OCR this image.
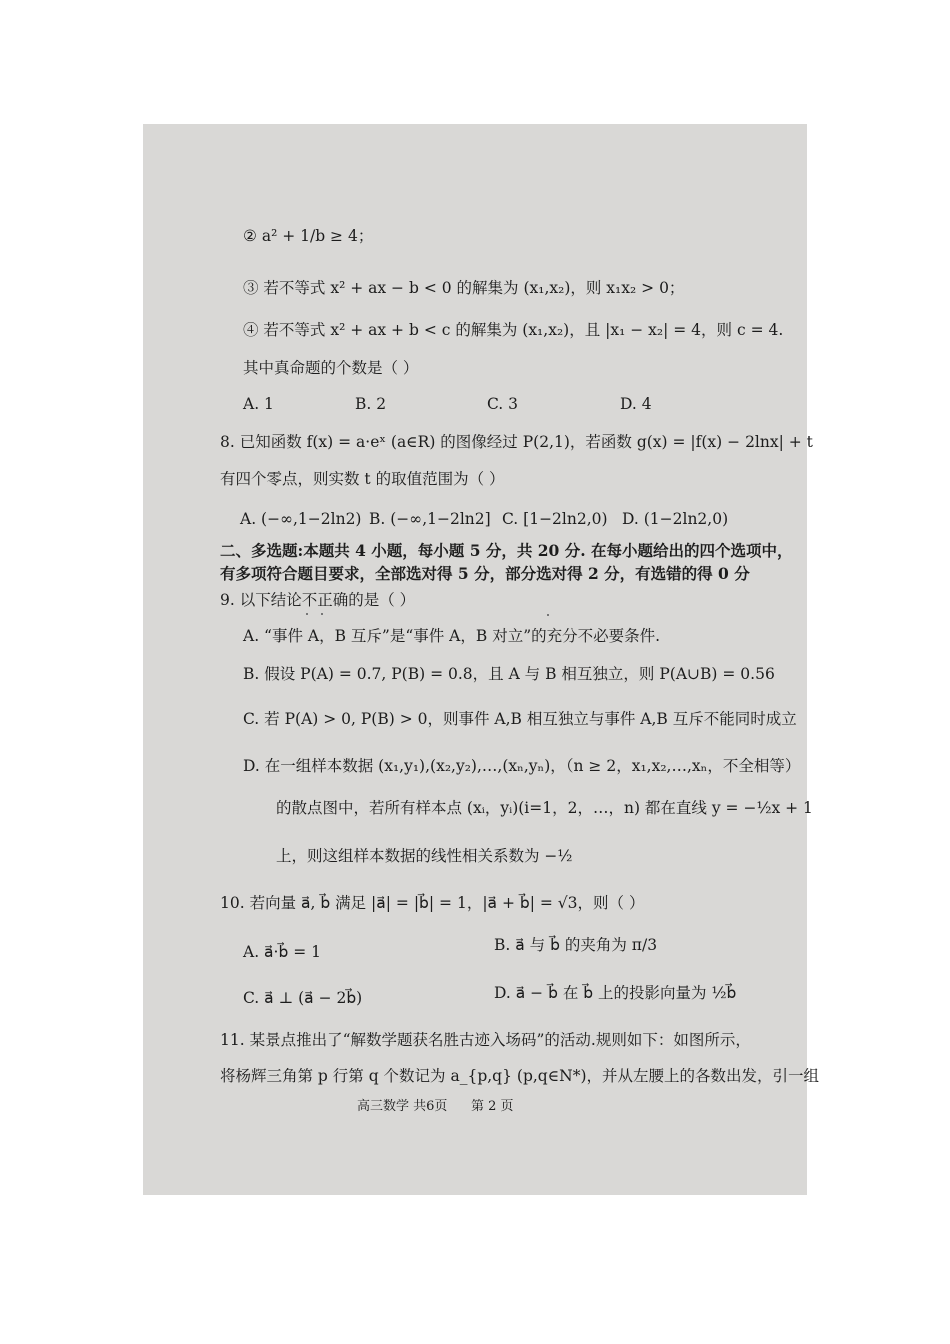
② a² + 1/b ≥ 4；
③ 若不等式 x² + ax − b < 0 的解集为 (x₁,x₂)，则 x₁x₂ > 0；
④ 若不等式 x² + ax + b < c 的解集为 (x₁,x₂)，且 |x₁ − x₂| = 4，则 c = 4.
其中真命题的个数是（ ）
A. 1	B. 2	C. 3	D. 4
8. 已知函数 f(x) = a·eˣ (a∈R) 的图像经过 P(2,1)，若函数 g(x) = |f(x) − 2lnx| + t
有四个零点，则实数 t 的取值范围为（ ）
A. (−∞,1−2ln2) B. (−∞,1−2ln2] C. [1−2ln2,0) D. (1−2ln2,0)
二、多选题:本题共 4 小题，每小题 5 分，共 20 分. 在每小题给出的四个选项中，
有多项符合题目要求，全部选对得 5 分，部分选对得 2 分，有选错的得 0 分
9. 以下结论不正确的是（ ）
A. “事件 A，B 互斥”是“事件 A，B 对立”的充分不必要条件.
B. 假设 P(A) = 0.7, P(B) = 0.8，且 A 与 B 相互独立，则 P(A∪B) = 0.56
C. 若 P(A) > 0, P(B) > 0，则事件 A,B 相互独立与事件 A,B 互斥不能同时成立
D. 在一组样本数据 (x₁,y₁),(x₂,y₂),…,(xₙ,yₙ)，（n ≥ 2，x₁,x₂,…,xₙ，不全相等）
的散点图中，若所有样本点 (xᵢ，yᵢ)(i=1，2，…，n) 都在直线 y = −½x + 1
上，则这组样本数据的线性相关系数为 −½
10. 若向量 a⃗, b⃗ 满足 |a⃗| = |b⃗| = 1，|a⃗ + b⃗| = √3，则（ ）
A. a⃗·b⃗ = 1	B. a⃗ 与 b⃗ 的夹角为 π/3
C. a⃗ ⊥ (a⃗ − 2b⃗)	D. a⃗ − b⃗ 在 b⃗ 上的投影向量为 ½b⃗
11. 某景点推出了“解数学题获名胜古迹入场码”的活动.规则如下：如图所示，
将杨辉三角第 p 行第 q 个数记为 a_{p,q} (p,q∈N*)，并从左腰上的各数出发，引一组
高三数学 共6页 第 2 页
